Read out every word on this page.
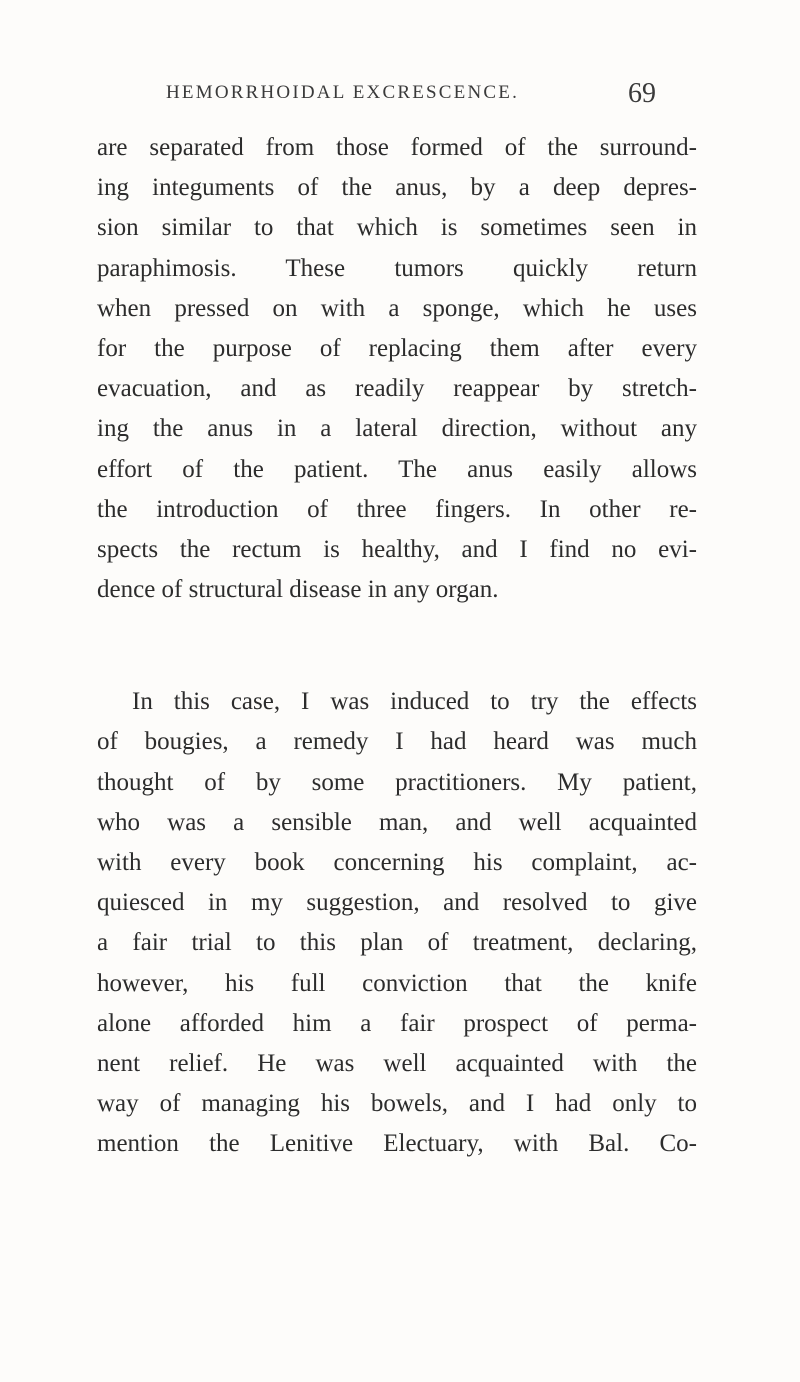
HEMORRHOIDAL EXCRESCENCE.	69
are separated from those formed of the surround-
ing integuments of the anus, by a deep depres-
sion similar to that which is sometimes seen in
paraphimosis. These tumors quickly return
when pressed on with a sponge, which he uses
for the purpose of replacing them after every
evacuation, and as readily reappear by stretch-
ing the anus in a lateral direction, without any
effort of the patient. The anus easily allows
the introduction of three fingers. In other re-
spects the rectum is healthy, and I find no evi-
dence of structural disease in any organ.
In this case, I was induced to try the effects
of bougies, a remedy I had heard was much
thought of by some practitioners. My patient,
who was a sensible man, and well acquainted
with every book concerning his complaint, ac-
quiesced in my suggestion, and resolved to give
a fair trial to this plan of treatment, declaring,
however, his full conviction that the knife
alone afforded him a fair prospect of perma-
nent relief. He was well acquainted with the
way of managing his bowels, and I had only to
mention the Lenitive Electuary, with Bal. Co-
